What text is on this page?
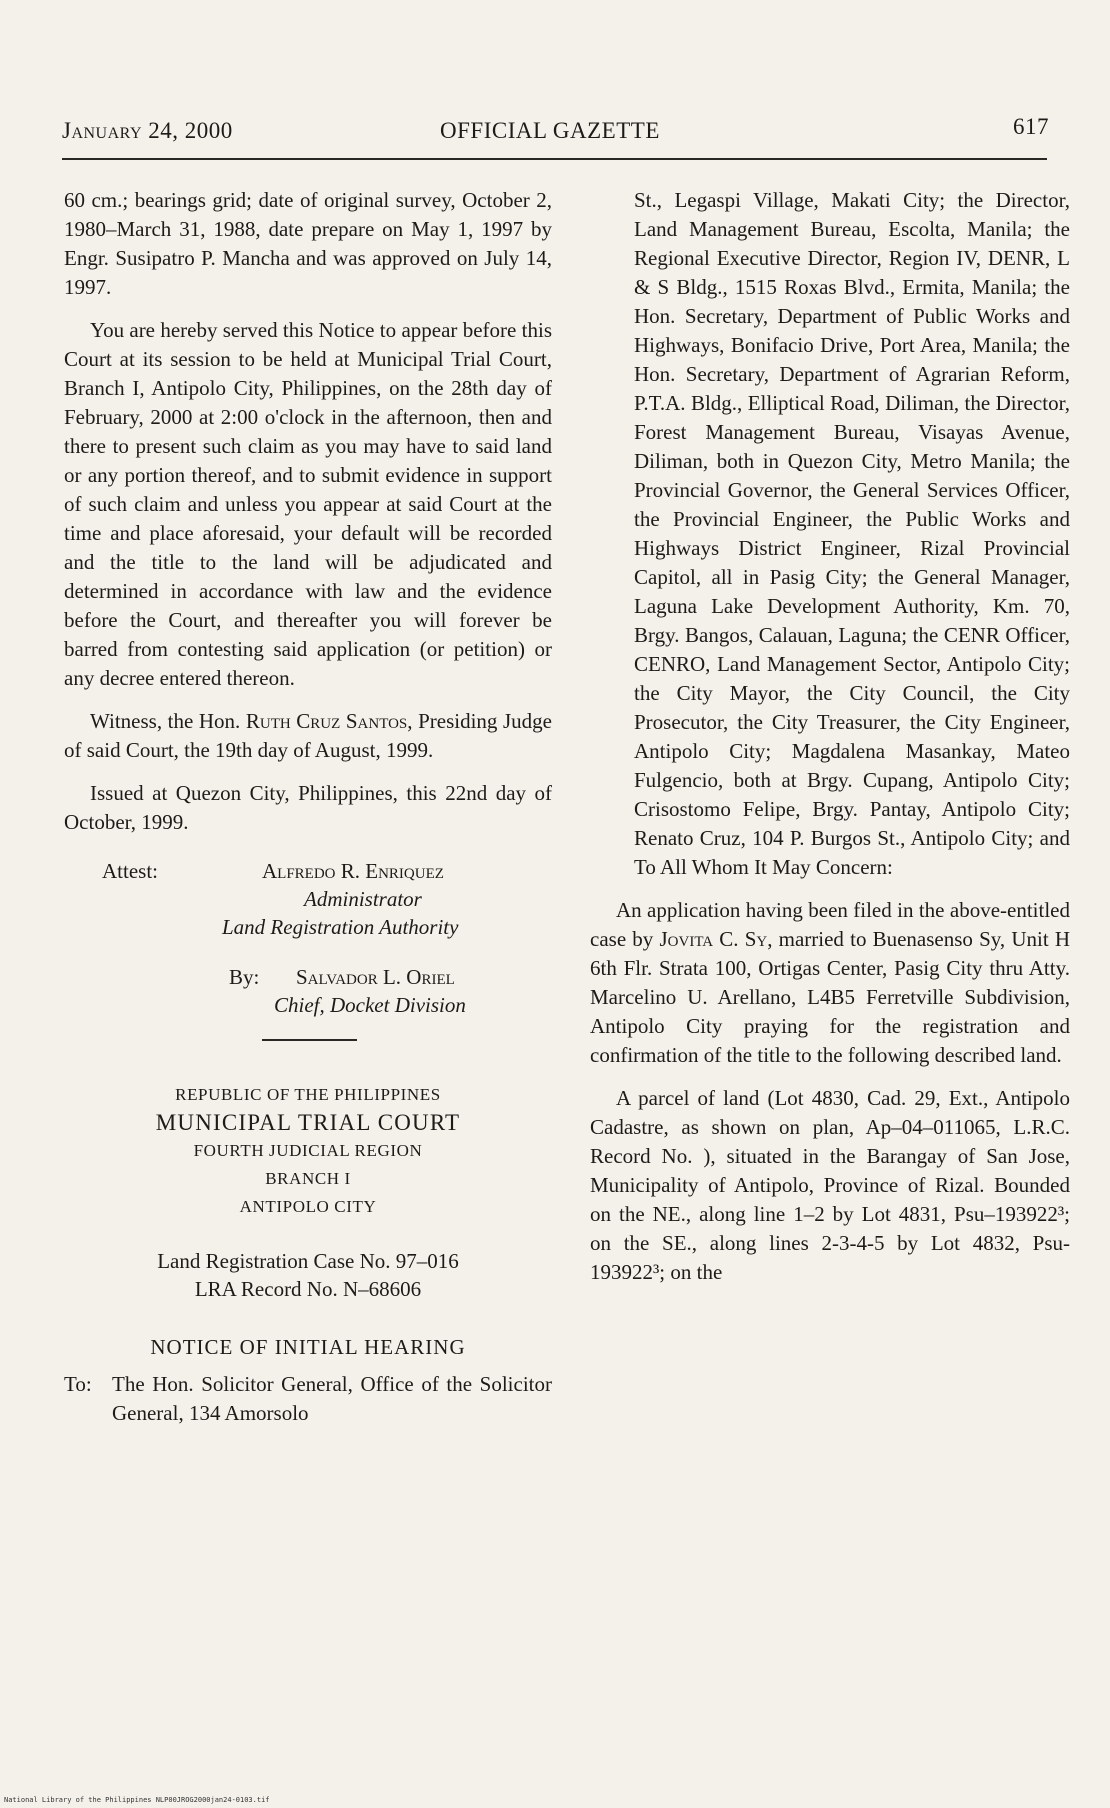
January 24, 2000	OFFICIAL GAZETTE	617

60 cm.; bearings grid; date of original survey, October 2, 1980–March 31, 1988, date prepare on May 1, 1997 by Engr. Susipatro P. Mancha and was approved on July 14, 1997.

You are hereby served this Notice to appear before this Court at its session to be held at Municipal Trial Court, Branch I, Antipolo City, Philippines, on the 28th day of February, 2000 at 2:00 o'clock in the afternoon, then and there to present such claim as you may have to said land or any portion thereof, and to submit evidence in support of such claim and unless you appear at said Court at the time and place aforesaid, your default will be recorded and the title to the land will be adjudicated and determined in accordance with law and the evidence before the Court, and thereafter you will forever be barred from contesting said application (or petition) or any decree entered thereon.

Witness, the Hon. Ruth Cruz Santos, Presiding Judge of said Court, the 19th day of August, 1999.

Issued at Quezon City, Philippines, this 22nd day of October, 1999.

Attest:	Alfredo R. Enriquez
Administrator
Land Registration Authority
By: Salvador L. Oriel
Chief, Docket Division

REPUBLIC OF THE PHILIPPINES

MUNICIPAL TRIAL COURT

FOURTH JUDICIAL REGION

BRANCH I

ANTIPOLO CITY

Land Registration Case No. 97–016

LRA Record No. N–68606

NOTICE OF INITIAL HEARING
To: The Hon. Solicitor General, Office of the Solicitor General, 134 Amorsolo

St., Legaspi Village, Makati City; the Director, Land Management Bureau, Escolta, Manila; the Regional Executive Director, Region IV, DENR, L & S Bldg., 1515 Roxas Blvd., Ermita, Manila; the Hon. Secretary, Department of Public Works and Highways, Bonifacio Drive, Port Area, Manila; the Hon. Secretary, Department of Agrarian Reform, P.T.A. Bldg., Elliptical Road, Diliman, the Director, Forest Management Bureau, Visayas Avenue, Diliman, both in Quezon City, Metro Manila; the Provincial Governor, the General Services Officer, the Provincial Engineer, the Public Works and Highways District Engineer, Rizal Provincial Capitol, all in Pasig City; the General Manager, Laguna Lake Development Authority, Km. 70, Brgy. Bangos, Calauan, Laguna; the CENR Officer, CENRO, Land Management Sector, Antipolo City; the City Mayor, the City Council, the City Prosecutor, the City Treasurer, the City Engineer, Antipolo City; Magdalena Masankay, Mateo Fulgencio, both at Brgy. Cupang, Antipolo City; Crisostomo Felipe, Brgy. Pantay, Antipolo City; Renato Cruz, 104 P. Burgos St., Antipolo City; and To All Whom It May Concern:

An application having been filed in the above-entitled case by Jovita C. Sy, married to Buenasenso Sy, Unit H 6th Flr. Strata 100, Ortigas Center, Pasig City thru Atty. Marcelino U. Arellano, L4B5 Ferretville Subdivision, Antipolo City praying for the registration and confirmation of the title to the following described land.

A parcel of land (Lot 4830, Cad. 29, Ext., Antipolo Cadastre, as shown on plan, Ap–04–011065, L.R.C. Record No. ), situated in the Barangay of San Jose, Municipality of Antipolo, Province of Rizal. Bounded on the NE., along line 1–2 by Lot 4831, Psu–193922³; on the SE., along lines 2-3-4-5 by Lot 4832, Psu-193922³; on the

National Library of the Philippines NLP00JROG2000jan24-0103.tif
